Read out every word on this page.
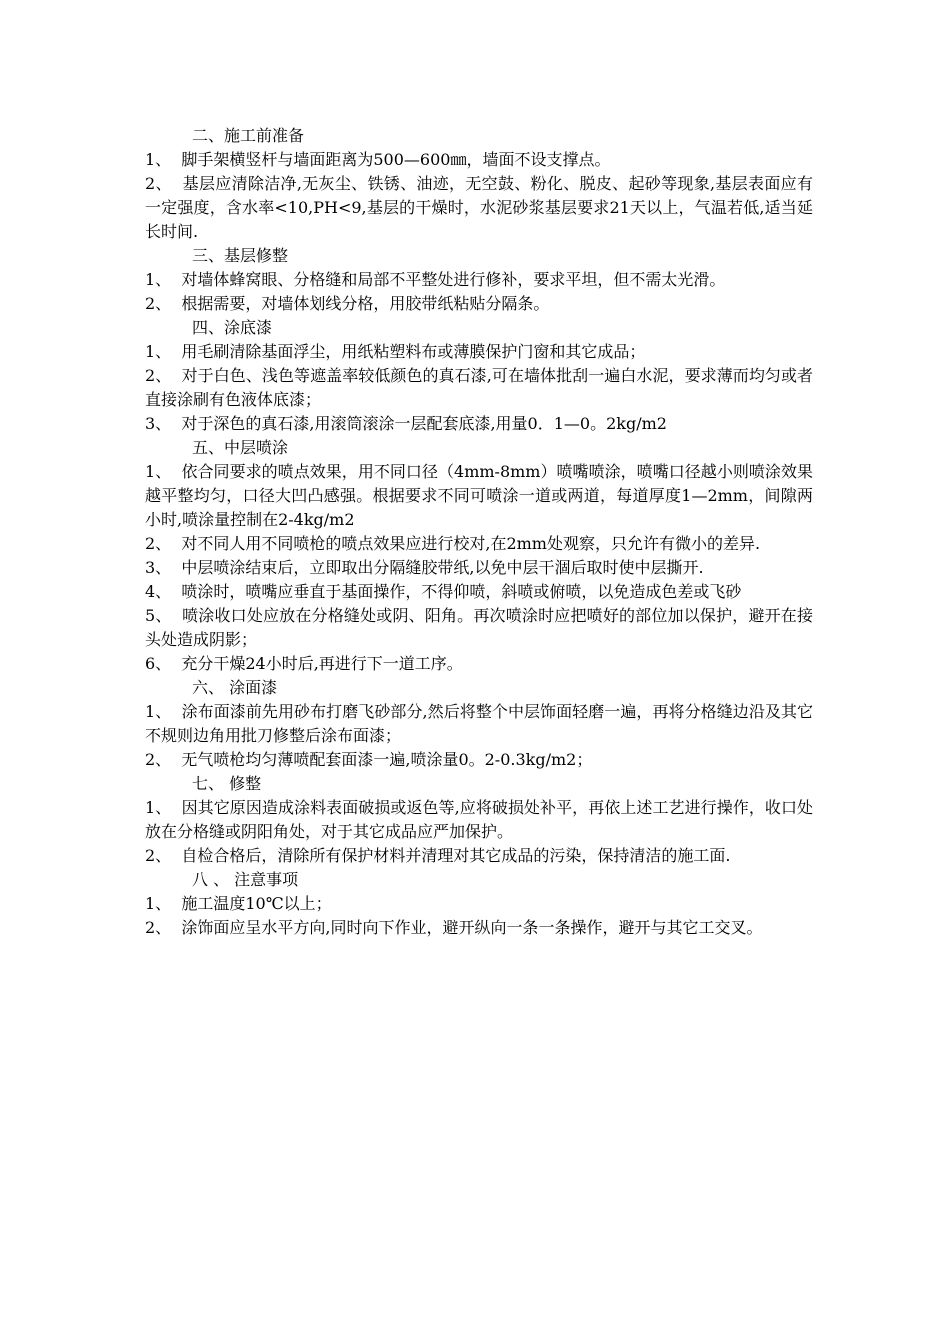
二、施工前准备
1、 脚手架横竖杆与墙面距离为500—600㎜，墙面不设支撑点。
2、 基层应清除洁净,无灰尘、铁锈、油迹，无空鼓、粉化、脱皮、起砂等现象,基层表面应有一定强度，含水率<10,PH<9,基层的干燥时，水泥砂浆基层要求21天以上，气温若低,适当延长时间.
三、基层修整
1、 对墙体蜂窝眼、分格缝和局部不平整处进行修补，要求平坦，但不需太光滑。
2、 根据需要，对墙体划线分格，用胶带纸粘贴分隔条。
四、涂底漆
1、 用毛刷清除基面浮尘，用纸粘塑料布或薄膜保护门窗和其它成品；
2、 对于白色、浅色等遮盖率较低颜色的真石漆,可在墙体批刮一遍白水泥，要求薄而均匀或者直接涂刷有色液体底漆；
3、 对于深色的真石漆,用滚筒滚涂一层配套底漆,用量0．1—0。2kg/m2
五、中层喷涂
1、 依合同要求的喷点效果，用不同口径（4mm-8mm）喷嘴喷涂，喷嘴口径越小则喷涂效果越平整均匀，口径大凹凸感强。根据要求不同可喷涂一道或两道，每道厚度1—2mm，间隙两小时,喷涂量控制在2-4kg/m2
2、 对不同人用不同喷枪的喷点效果应进行校对,在2mm处观察，只允许有微小的差异.
3、 中层喷涂结束后，立即取出分隔缝胶带纸,以免中层干涸后取时使中层撕开.
4、 喷涂时，喷嘴应垂直于基面操作，不得仰喷，斜喷或俯喷，以免造成色差或飞砂
5、 喷涂收口处应放在分格缝处或阴、阳角。再次喷涂时应把喷好的部位加以保护，避开在接头处造成阴影；
6、 充分干燥24小时后,再进行下一道工序。
六、 涂面漆
1、 涂布面漆前先用砂布打磨飞砂部分,然后将整个中层饰面轻磨一遍，再将分格缝边沿及其它不规则边角用批刀修整后涂布面漆；
2、 无气喷枪均匀薄喷配套面漆一遍,喷涂量0。2-0.3kg/m2；
七、 修整
1、 因其它原因造成涂料表面破损或返色等,应将破损处补平，再依上述工艺进行操作，收口处放在分格缝或阴阳角处，对于其它成品应严加保护。
2、 自检合格后，清除所有保护材料并清理对其它成品的污染，保持清洁的施工面.
八 、 注意事项
1、 施工温度10℃以上；
2、 涂饰面应呈水平方向,同时向下作业，避开纵向一条一条操作，避开与其它工交叉。
